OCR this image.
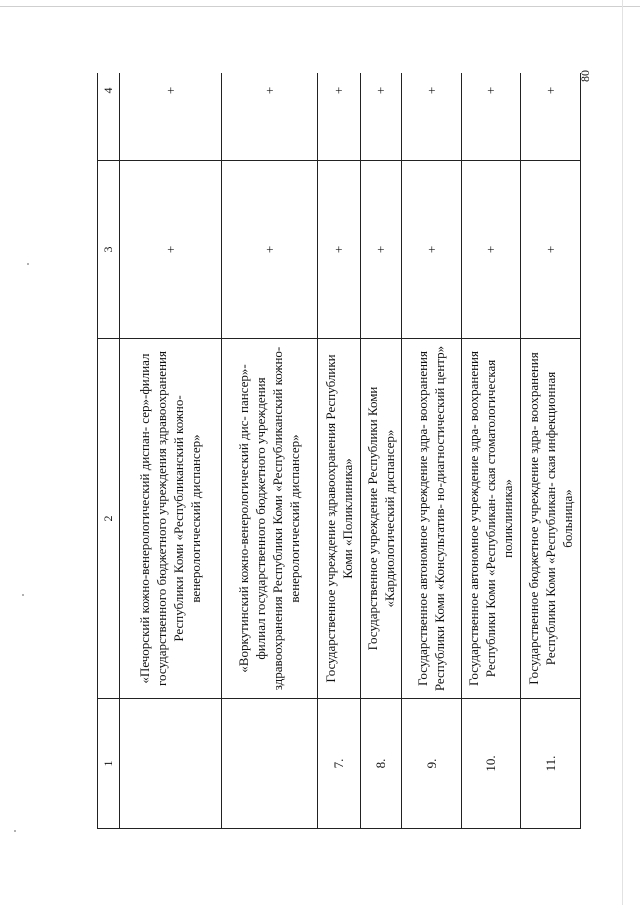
80
1	2	3	4
	«Печорский кожно-венерологический диспан- сер»-филиал государственного бюджетного учреждения здравоохранения Республики Коми «Республиканский кожно-венерологический диспансер»	+	+
	«Воркутинский кожно-венерологический дис- пансер»-филиал государственного бюджетного учреждения здравоохранения Республики Коми «Республиканский кожно-венерологический диспансер»	+	+
7.	Государственное учреждение здравоохранения Республики Коми «Поликлиника»	+	+
8.	Государственное учреждение Республики Коми «Кардиологический диспансер»	+	+
9.	Государственное автономное учреждение здра- воохранения Республики Коми «Консультатив- но-диагностический центр»	+	+
10.	Государственное автономное учреждение здра- воохранения Республики Коми «Республикан- ская стоматологическая поликлиника»	+	+
11.	Государственное бюджетное учреждение здра- воохранения Республики Коми «Республикан- ская инфекционная больница»	+	+
